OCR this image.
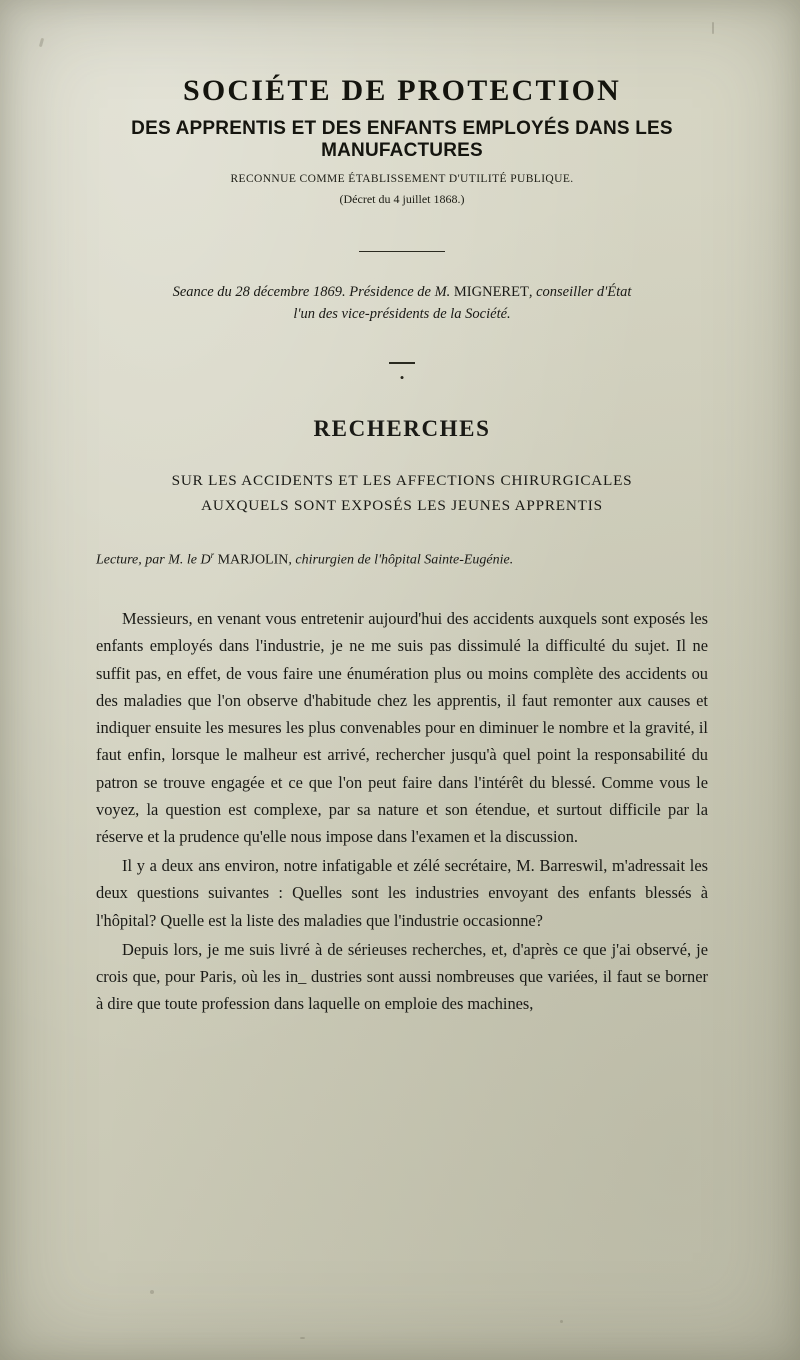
SOCIÉTE DE PROTECTION
DES APPRENTIS ET DES ENFANTS EMPLOYÉS DANS LES MANUFACTURES
RECONNUE COMME ÉTABLISSEMENT D'UTILITÉ PUBLIQUE.
(Décret du 4 juillet 1868.)
Seance du 28 décembre 1869. Présidence de M. MIGNERET, conseiller d'État
l'un des vice-présidents de la Société.
•
RECHERCHES
SUR LES ACCIDENTS ET LES AFFECTIONS CHIRURGICALES
AUXQUELS SONT EXPOSÉS LES JEUNES APPRENTIS
Lecture, par M. le $D^r$ MARJOLIN, chirurgien de l'hôpital Sainte-Eugénie.

Messieurs, en venant vous entretenir aujourd'hui des accidents auxquels sont exposés les enfants employés dans l'industrie, je ne me suis pas dissimulé la difficulté du sujet. Il ne suffit pas, en effet, de vous faire une énumération plus ou moins complète des accidents ou des maladies que l'on observe d'habitude chez les apprentis, il faut remonter aux causes et indiquer ensuite les mesures les plus convenables pour en diminuer le nombre et la gravité, il faut enfin, lorsque le malheur est arrivé, rechercher jusqu'à quel point la responsabilité du patron se trouve engagée et ce que l'on peut faire dans l'intérêt du blessé. Comme vous le voyez, la question est complexe, par sa nature et son étendue, et surtout difficile par la réserve et la prudence qu'elle nous impose dans l'examen et la discussion.

Il y a deux ans environ, notre infatigable et zélé secrétaire, M. Barreswil, m'adressait les deux questions suivantes : Quelles sont les industries envoyant des enfants blessés à l'hôpital? Quelle est la liste des maladies que l'industrie occasionne?

Depuis lors, je me suis livré à de sérieuses recherches, et, d'après ce que j'ai observé, je crois que, pour Paris, où les in_ dustries sont aussi nombreuses que variées, il faut se borner à dire que toute profession dans laquelle on emploie des machines,
